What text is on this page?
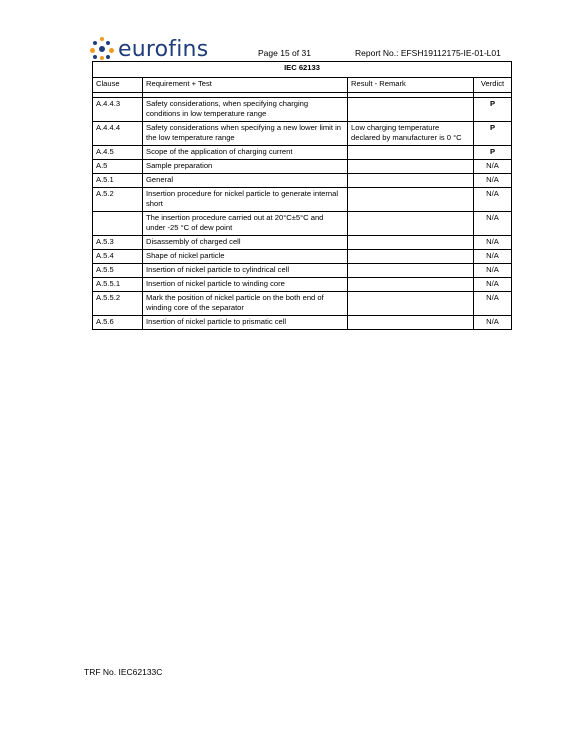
eurofins	Page 15 of 31	Report No.: EFSH19112175-IE-01-L01
IEC 62133			
Clause	Requirement + Test	Result - Remark	Verdict

A.4.4.3	Safety considerations, when specifying charging conditions in low temperature range		P
A.4.4.4	Safety considerations when specifying a new lower limit in the low temperature range	Low charging temperature declared by manufacturer is 0 °C	P
A.4.5	Scope of the application of charging current		P
A.5	Sample preparation		N/A
A.5.1	General		N/A
A.5.2	Insertion procedure for nickel particle to generate internal short		N/A
	The insertion procedure carried out at 20°C±5°C and under -25 °C of dew point		N/A
A.5.3	Disassembly of charged cell		N/A
A.5.4	Shape of nickel particle		N/A
A.5.5	Insertion of nickel particle to cylindrical cell		N/A
A.5.5.1	Insertion of nickel particle to winding core		N/A
A.5.5.2	Mark the position of nickel particle on the both end of winding core of the separator		N/A
A.5.6	Insertion of nickel particle to prismatic cell		N/A
TRF No. IEC62133C
